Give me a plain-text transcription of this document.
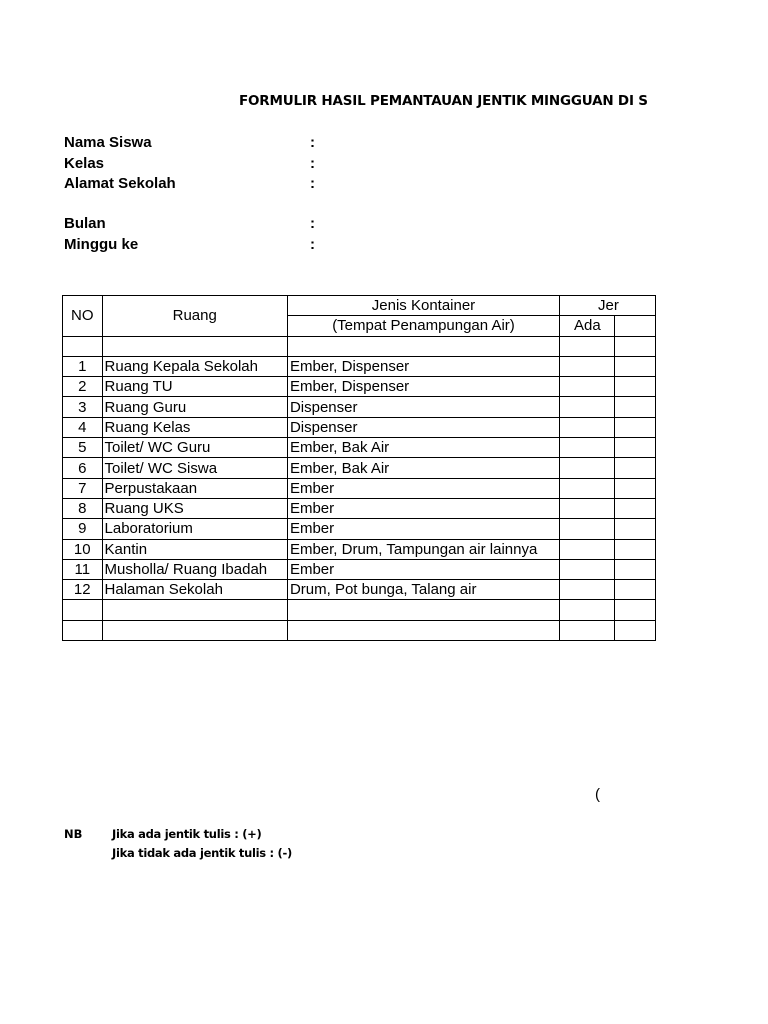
FORMULIR HASIL PEMANTAUAN JENTIK MINGGUAN DI S
Nama Siswa	:
Kelas	:
Alamat Sekolah	:
Bulan	:
Minggu ke	:
NO	Ruang	Jenis Kontainer	Jer	
		(Tempat Penampungan Air)	Ada	

1	Ruang Kepala Sekolah	Ember, Dispenser		
2	Ruang TU	Ember, Dispenser		
3	Ruang Guru	Dispenser		
4	Ruang Kelas	Dispenser		
5	Toilet/ WC Guru	Ember, Bak Air		
6	Toilet/ WC Siswa	Ember, Bak Air		
7	Perpustakaan	Ember		
8	Ruang UKS	Ember		
9	Laboratorium	Ember		
10	Kantin	Ember, Drum, Tampungan air lainnya		
11	Musholla/ Ruang Ibadah	Ember		
12	Halaman Sekolah	Drum, Pot bunga, Talang air		

(
NB	Jika ada jentik tulis : (+)
Jika tidak ada jentik tulis : (-)
